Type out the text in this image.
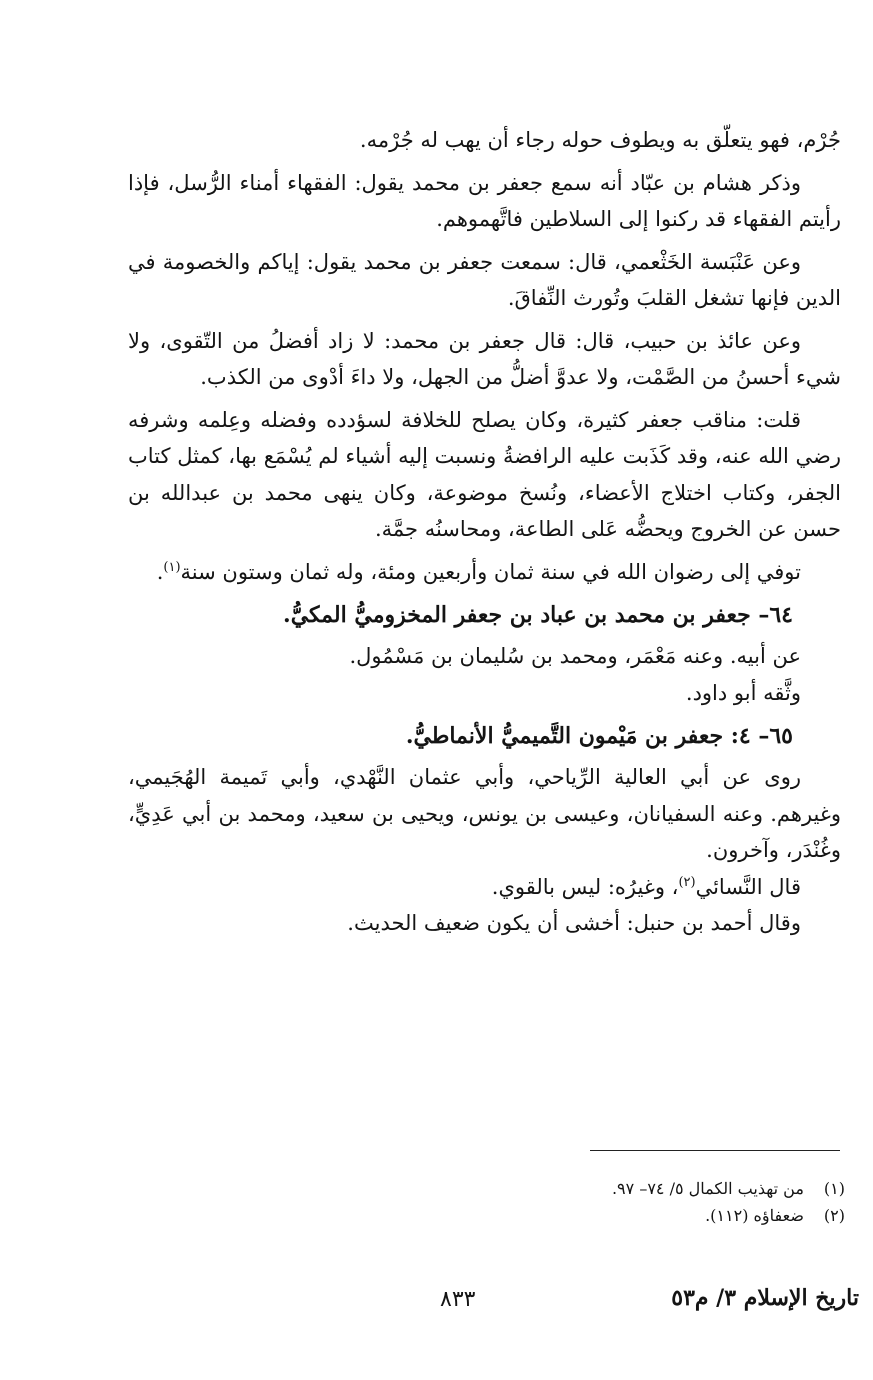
جُرْم، فهو يتعلّق به ويطوف حوله رجاء أن يهب له جُرْمه.

وذكر هشام بن عبّاد أنه سمع جعفر بن محمد يقول: الفقهاء أمناء الرُّسل، فإذا رأيتم الفقهاء قد ركنوا إلى السلاطين فاتَّهموهم.

وعن عَنْبَسة الخَثْعمي، قال: سمعت جعفر بن محمد يقول: إياكم والخصومة في الدين فإنها تشغل القلبَ وتُورث النِّفاقَ.

وعن عائذ بن حبيب، قال: قال جعفر بن محمد: لا زاد أفضلُ من التّقوى، ولا شيء أحسنُ من الصَّمْت، ولا عدوَّ أضلُّ من الجهل، ولا داءَ أدْوى من الكذب.

قلت: مناقب جعفر كثيرة، وكان يصلح للخلافة لسؤدده وفضله وعِلمه وشرفه رضي الله عنه، وقد كَذَبت عليه الرافضةُ ونسبت إليه أشياء لم يُسْمَع بها، كمثل كتاب الجفر، وكتاب اختلاج الأعضاء، ونُسخ موضوعة، وكان ينهى محمد بن عبدالله بن حسن عن الخروج ويحضُّه عَلى الطاعة، ومحاسنُه جمَّة.

توفي إلى رضوان الله في سنة ثمان وأربعين ومئة، وله ثمان وستون سنة$^{(١)}$.

٦٤– جعفر بن محمد بن عباد بن جعفر المخزوميُّ المكيُّ.

عن أبيه. وعنه مَعْمَر، ومحمد بن سُليمان بن مَسْمُول.

وثَّقه أبو داود.

٦٥– ٤: جعفر بن مَيْمون التَّميميُّ الأنماطيُّ.

روى عن أبي العالية الرِّياحي، وأبي عثمان النَّهْدي، وأبي تَميمة الهُجَيمي، وغيرهم. وعنه السفيانان، وعيسى بن يونس، ويحيى بن سعيد، ومحمد بن أبي عَدِيٍّ، وغُنْدَر، وآخرون.

قال النَّسائي$^{(٢)}$، وغيرُه: ليس بالقوي.

وقال أحمد بن حنبل: أخشى أن يكون ضعيف الحديث.

(١) من تهذيب الكمال ٥/ ٧٤– ٩٧.
(٢) ضعفاؤه (١١٢).
تاريخ الإسلام ٣/ م٥٣
٨٣٣
